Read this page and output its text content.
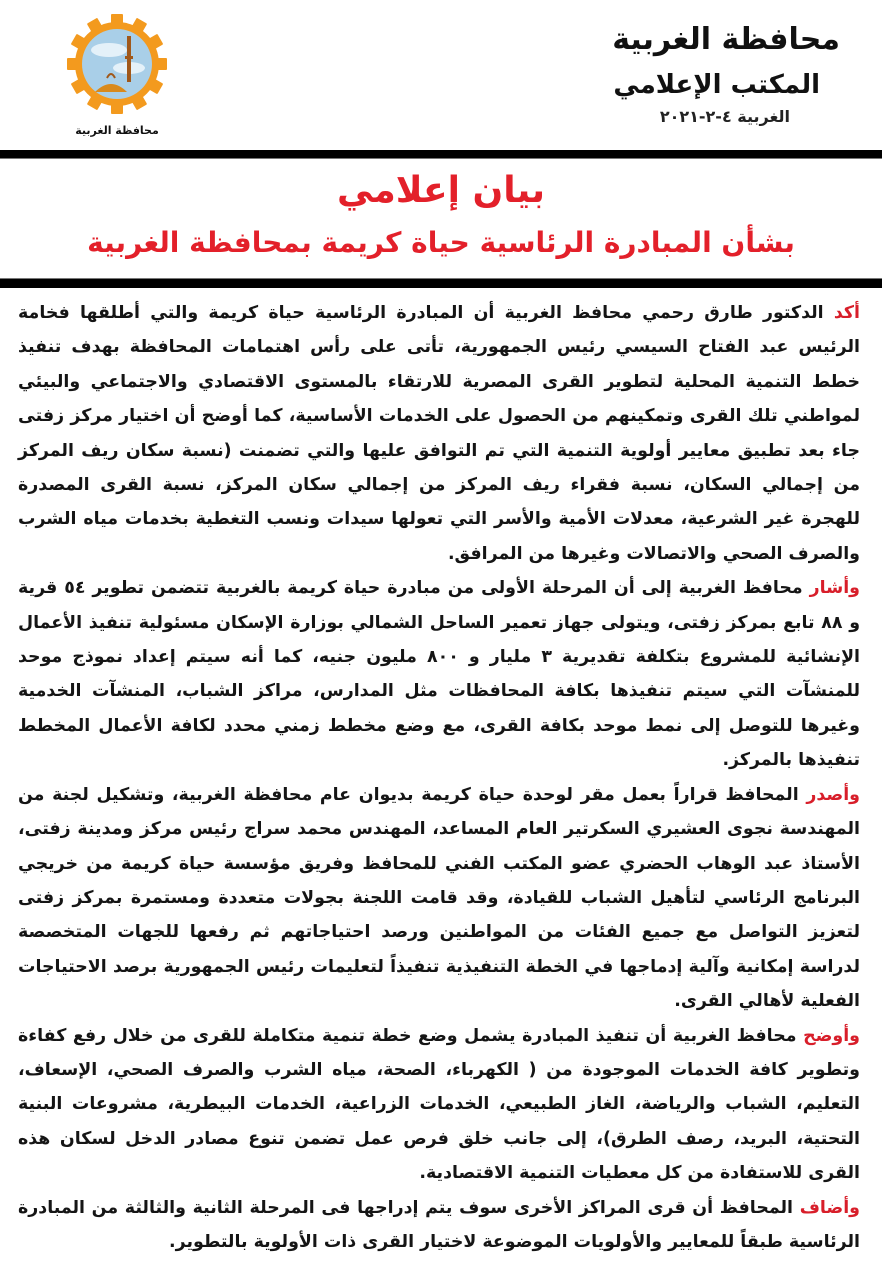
محافظة الغربية
محافظة الغربية
المكتب الإعلامي
الغربية ٤-٢-٢٠٢١
بيان إعلامي
بشأن المبادرة الرئاسية حياة كريمة بمحافظة الغربية

أكد الدكتور طارق رحمي محافظ الغربية أن المبادرة الرئاسية حياة كريمة والتي أطلقها فخامة الرئيس عبد الفتاح السيسي رئيس الجمهورية، تأتى على رأس اهتمامات المحافظة بهدف تنفيذ خطط التنمية المحلية لتطوير القرى المصرية للارتقاء بالمستوى الاقتصادي والاجتماعي والبيئي لمواطني تلك القرى وتمكينهم من الحصول على الخدمات الأساسية، كما أوضح أن اختيار مركز زفتى جاء بعد تطبيق معايير أولوية التنمية التي تم التوافق عليها والتي تضمنت (نسبة سكان ريف المركز من إجمالي السكان، نسبة فقراء ريف المركز من إجمالي سكان المركز، نسبة القرى المصدرة للهجرة غير الشرعية، معدلات الأمية والأسر التي تعولها سيدات ونسب التغطية بخدمات مياه الشرب والصرف الصحي والاتصالات وغيرها من المرافق.

وأشار محافظ الغربية إلى أن المرحلة الأولى من مبادرة حياة كريمة بالغربية تتضمن تطوير ٥٤ قرية و ٨٨ تابع بمركز زفتى، ويتولى جهاز تعمير الساحل الشمالي بوزارة الإسكان مسئولية تنفيذ الأعمال الإنشائية للمشروع بتكلفة تقديرية ٣ مليار و ٨٠٠ مليون جنيه، كما أنه سيتم إعداد نموذج موحد للمنشآت التي سيتم تنفيذها بكافة المحافظات مثل المدارس، مراكز الشباب، المنشآت الخدمية وغيرها للتوصل إلى نمط موحد بكافة القرى، مع وضع مخطط زمني محدد لكافة الأعمال المخطط تنفيذها بالمركز.

وأصدر المحافظ قراراً بعمل مقر لوحدة حياة كريمة بديوان عام محافظة الغربية، وتشكيل لجنة من المهندسة نجوى العشيري السكرتير العام المساعد، المهندس محمد سراج رئيس مركز ومدينة زفتى، الأستاذ عبد الوهاب الحضري عضو المكتب الفني للمحافظ وفريق مؤسسة حياة كريمة من خريجي البرنامج الرئاسي لتأهيل الشباب للقيادة، وقد قامت اللجنة بجولات متعددة ومستمرة بمركز زفتى لتعزيز التواصل مع جميع الفئات من المواطنين ورصد احتياجاتهم ثم رفعها للجهات المتخصصة لدراسة إمكانية وآلية إدماجها في الخطة التنفيذية تنفيذاً لتعليمات رئيس الجمهورية برصد الاحتياجات الفعلية لأهالي القرى.

وأوضح محافظ الغربية أن تنفيذ المبادرة يشمل وضع خطة تنمية متكاملة للقرى من خلال رفع كفاءة وتطوير كافة الخدمات الموجودة من ( الكهرباء، الصحة، مياه الشرب والصرف الصحي، الإسعاف، التعليم، الشباب والرياضة، الغاز الطبيعي، الخدمات الزراعية، الخدمات البيطرية، مشروعات البنية التحتية، البريد، رصف الطرق)، إلى جانب خلق فرص عمل تضمن تنوع مصادر الدخل لسكان هذه القرى للاستفادة من كل معطيات التنمية الاقتصادية.

وأضاف المحافظ أن قرى المراكز الأخرى سوف يتم إدراجها فى المرحلة الثانية والثالثة من المبادرة الرئاسية طبقاً للمعايير والأولويات الموضوعة لاختيار القرى ذات الأولوية بالتطوير.
